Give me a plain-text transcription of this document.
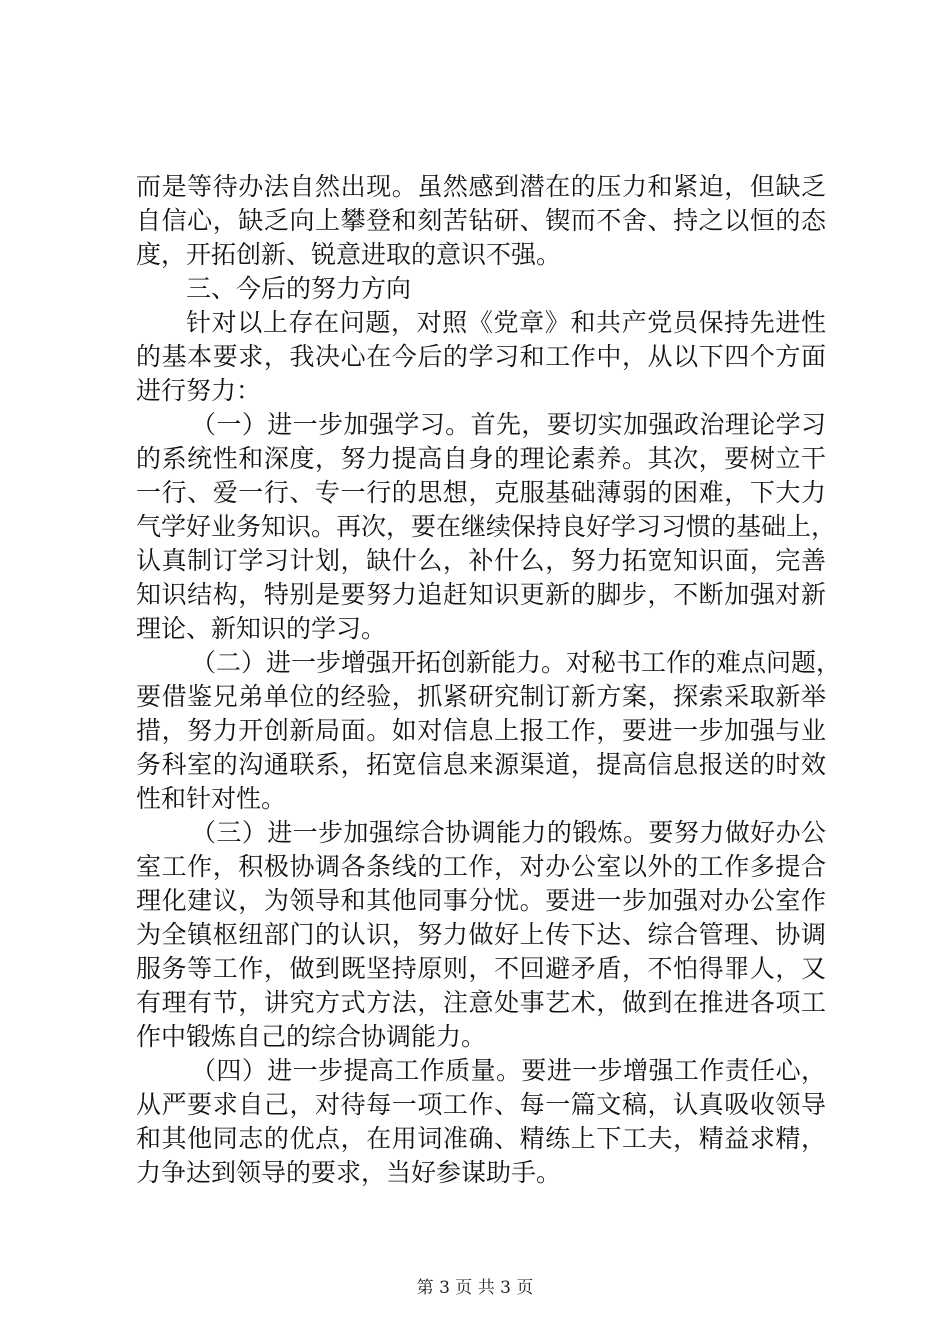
而是等待办法自然出现。虽然感到潜在的压力和紧迫，但缺乏
自信心，缺乏向上攀登和刻苦钻研、锲而不舍、持之以恒的态
度，开拓创新、锐意进取的意识不强。
三、今后的努力方向
针对以上存在问题，对照《党章》和共产党员保持先进性
的基本要求，我决心在今后的学习和工作中，从以下四个方面
进行努力：
（一）进一步加强学习。首先，要切实加强政治理论学习
的系统性和深度，努力提高自身的理论素养。其次，要树立干
一行、爱一行、专一行的思想，克服基础薄弱的困难，下大力
气学好业务知识。再次，要在继续保持良好学习习惯的基础上，
认真制订学习计划，缺什么，补什么，努力拓宽知识面，完善
知识结构，特别是要努力追赶知识更新的脚步，不断加强对新
理论、新知识的学习。
（二）进一步增强开拓创新能力。对秘书工作的难点问题，
要借鉴兄弟单位的经验，抓紧研究制订新方案，探索采取新举
措，努力开创新局面。如对信息上报工作，要进一步加强与业
务科室的沟通联系，拓宽信息来源渠道，提高信息报送的时效
性和针对性。
（三）进一步加强综合协调能力的锻炼。要努力做好办公
室工作，积极协调各条线的工作，对办公室以外的工作多提合
理化建议，为领导和其他同事分忧。要进一步加强对办公室作
为全镇枢纽部门的认识，努力做好上传下达、综合管理、协调
服务等工作，做到既坚持原则，不回避矛盾，不怕得罪人，又
有理有节，讲究方式方法，注意处事艺术，做到在推进各项工
作中锻炼自己的综合协调能力。
（四）进一步提高工作质量。要进一步增强工作责任心，
从严要求自己，对待每一项工作、每一篇文稿，认真吸收领导
和其他同志的优点，在用词准确、精练上下工夫，精益求精，
力争达到领导的要求，当好参谋助手。
第 3 页 共 3 页
